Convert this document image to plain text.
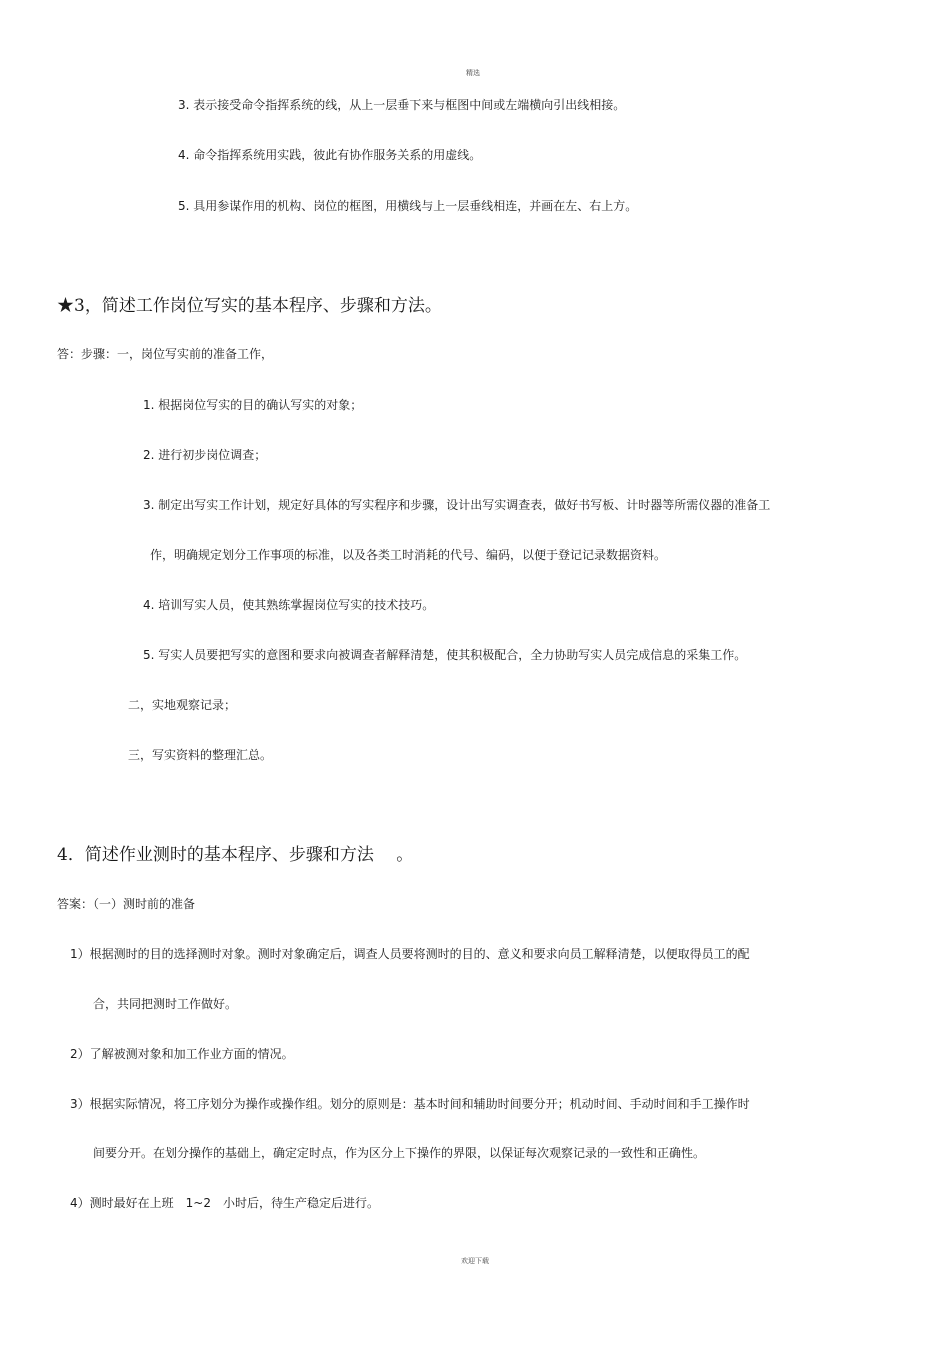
精选
3. 表示接受命令指挥系统的线，从上一层垂下来与框图中间或左端横向引出线相接。
4. 命令指挥系统用实践，彼此有协作服务关系的用虚线。
5. 具用参谋作用的机构、岗位的框图，用横线与上一层垂线相连，并画在左、右上方。
★3，简述工作岗位写实的基本程序、步骤和方法。
答：步骤：一，岗位写实前的准备工作，
1. 根据岗位写实的目的确认写实的对象；
2. 进行初步岗位调查；
3. 制定出写实工作计划，规定好具体的写实程序和步骤，设计出写实调查表，做好书写板、计时器等所需仪器的准备工
作，明确规定划分工作事项的标准，以及各类工时消耗的代号、编码，以便于登记记录数据资料。
4. 培训写实人员，使其熟练掌握岗位写实的技术技巧。
5. 写实人员要把写实的意图和要求向被调查者解释清楚，使其积极配合，全力协助写实人员完成信息的采集工作。
二，实地观察记录；
三，写实资料的整理汇总。
4．简述作业测时的基本程序、步骤和方法　 。
答案：（一）测时前的准备
1）根据测时的目的选择测时对象。测时对象确定后，调查人员要将测时的目的、意义和要求向员工解释清楚，以便取得员工的配
合，共同把测时工作做好。
2）了解被测对象和加工作业方面的情况。
3）根据实际情况，将工序划分为操作或操作组。划分的原则是：基本时间和辅助时间要分开；机动时间、手动时间和手工操作时
间要分开。在划分操作的基础上，确定定时点，作为区分上下操作的界限，以保证每次观察记录的一致性和正确性。
4）测时最好在上班　1~2　小时后，待生产稳定后进行。
欢迎下载
